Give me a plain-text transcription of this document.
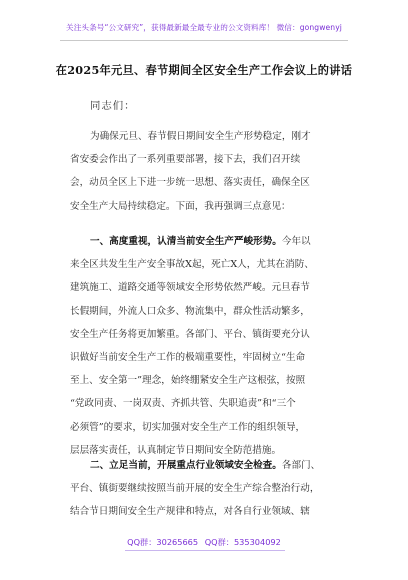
关注头条号“公文研究”，获得最新最全最专业的公文资料库！ 微信：gongwenyj
在2025年元旦、春节期间全区安全生产工作会议上的讲话
同志们：
为确保元旦、春节假日期间安全生产形势稳定，刚才
省安委会作出了一系列重要部署，接下去，我们召开续
会，动员全区上下进一步统一思想、落实责任，确保全区
安全生产大局持续稳定。下面，我再强调三点意见：
一、高度重视，认清当前安全生产严峻形势。今年以
来全区共发生生产安全事故X起，死亡X人，尤其在消防、
建筑施工、道路交通等领域安全形势依然严峻。元旦春节
长假期间，外流人口众多、物流集中，群众性活动繁多，
安全生产任务将更加繁重。各部门、平台、镇街要充分认
识做好当前安全生产工作的极端重要性，牢固树立“生命
至上、安全第一”理念，始终绷紧安全生产这根弦，按照
“党政同责、一岗双责、齐抓共管、失职追责”和“三个
必须管”的要求，切实加强对安全生产工作的组织领导，
层层落实责任，认真制定节日期间安全防范措施。
二、立足当前，开展重点行业领域安全检查。各部门、
平台、镇街要继续按照当前开展的安全生产综合整治行动，
结合节日期间安全生产规律和特点，对各自行业领域、辖
QQ群：30265665 QQ群：535304092
